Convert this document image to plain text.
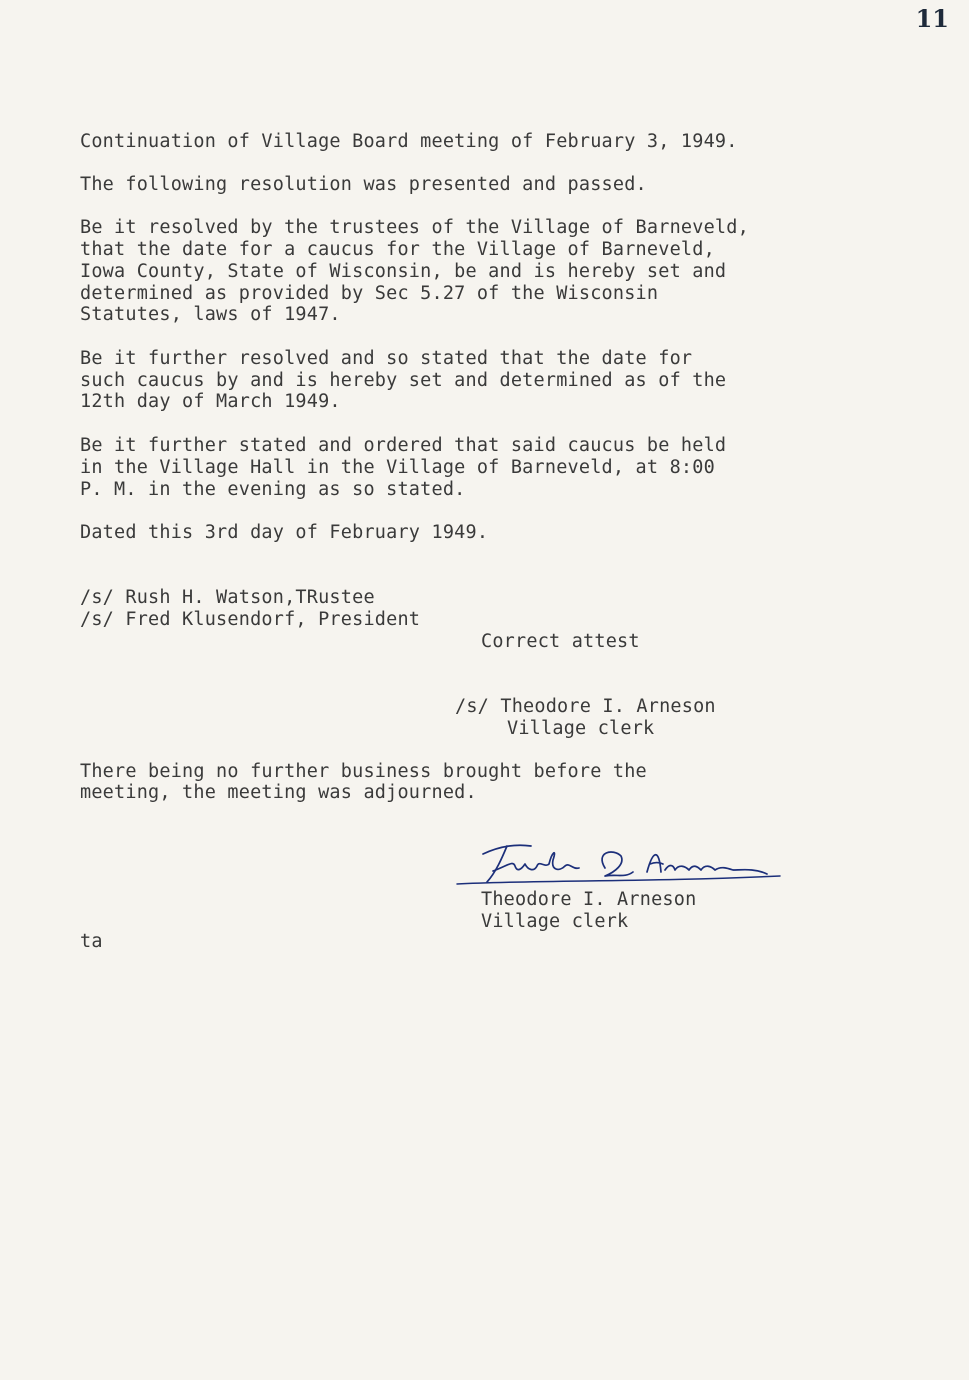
11
Continuation of Village Board meeting of February 3, 1949.
The following resolution was presented and passed.
Be it resolved by the trustees of the Village of Barneveld,
that the date for a caucus for the Village of Barneveld,
Iowa County, State of Wisconsin, be and is hereby set and
determined as provided by Sec 5.27 of the Wisconsin
Statutes, laws of 1947.
Be it further resolved and so stated that the date for
such caucus by and is hereby set and determined as of the
12th day of March 1949.
Be it further stated and ordered that said caucus be held
in the Village Hall in the Village of Barneveld, at 8:00
P. M. in the evening as so stated.
Dated this 3rd day of February 1949.
/s/ Rush H. Watson,TRustee
/s/ Fred Klusendorf, President
Correct attest
/s/ Theodore I. Arneson
Village clerk
There being no further business brought before the
meeting, the meeting was adjourned.
Theodore I. Arneson
Village clerk
ta
